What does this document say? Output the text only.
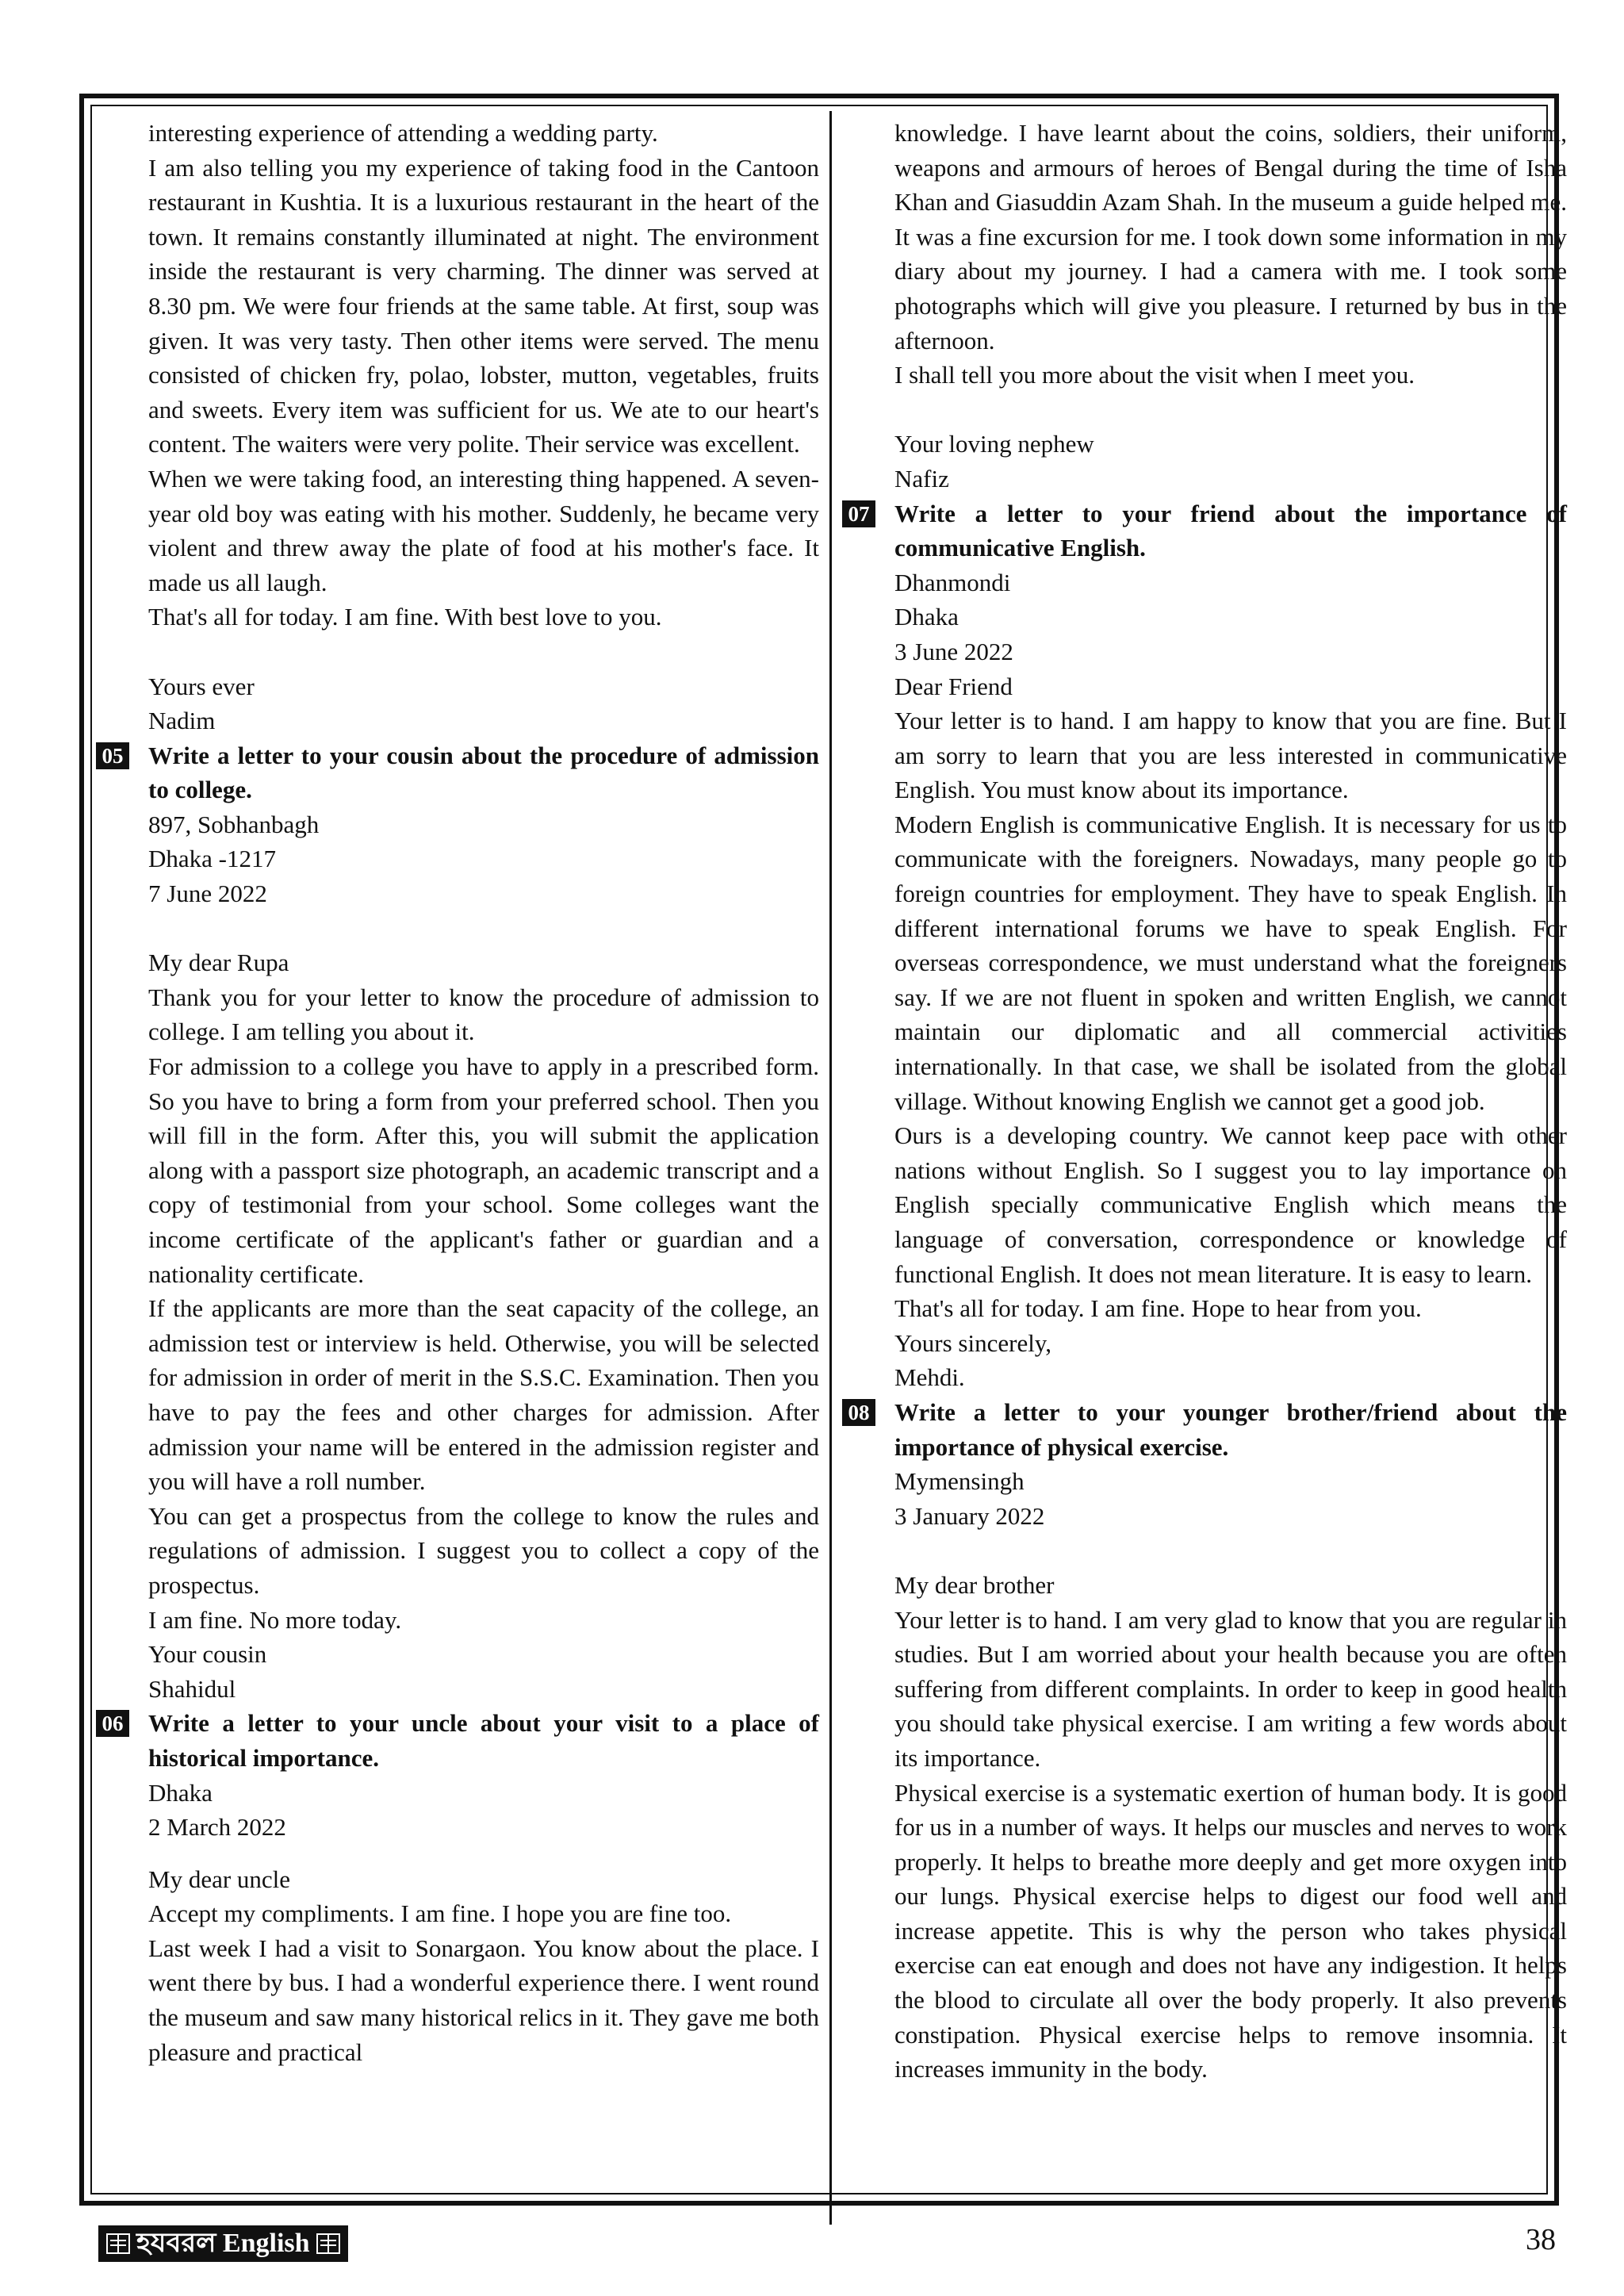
interesting experience of attending a wedding party.

I am also telling you my experience of taking food in the Cantoon restaurant in Kushtia. It is a luxurious restaurant in the heart of the town. It remains constantly illuminated at night. The environment inside the restaurant is very charming. The dinner was served at 8.30 pm. We were four friends at the same table. At first, soup was given. It was very tasty. Then other items were served. The menu consisted of chicken fry, polao, lobster, mutton, vegetables, fruits and sweets. Every item was sufficient for us. We ate to our heart's content. The waiters were very polite. Their service was excellent.

When we were taking food, an interesting thing happened. A seven-year old boy was eating with his mother. Suddenly, he became very violent and threw away the plate of food at his mother's face. It made us all laugh.

That's all for today. I am fine. With best love to you.

Yours ever

Nadim

05 Write a letter to your cousin about the procedure of admission to college.

897, Sobhanbagh

Dhaka -1217

7 June 2022

My dear Rupa

Thank you for your letter to know the procedure of admission to college. I am telling you about it.

For admission to a college you have to apply in a prescribed form. So you have to bring a form from your preferred school. Then you will fill in the form. After this, you will submit the application along with a passport size photograph, an academic transcript and a copy of testimonial from your school. Some colleges want the income certificate of the applicant's father or guardian and a nationality certificate.

If the applicants are more than the seat capacity of the college, an admission test or interview is held. Otherwise, you will be selected for admission in order of merit in the S.S.C. Examination. Then you have to pay the fees and other charges for admission. After admission your name will be entered in the admission register and you will have a roll number.

You can get a prospectus from the college to know the rules and regulations of admission. I suggest you to collect a copy of the prospectus.

I am fine. No more today.

Your cousin

Shahidul

06 Write a letter to your uncle about your visit to a place of historical importance.

Dhaka

2 March 2022

My dear uncle

Accept my compliments. I am fine. I hope you are fine too.

Last week I had a visit to Sonargaon. You know about the place. I went there by bus. I had a wonderful experience there. I went round the museum and saw many historical relics in it. They gave me both pleasure and practical

knowledge. I have learnt about the coins, soldiers, their uniform, weapons and armours of heroes of Bengal during the time of Isha Khan and Giasuddin Azam Shah. In the museum a guide helped me. It was a fine excursion for me. I took down some information in my diary about my journey. I had a camera with me. I took some photographs which will give you pleasure. I returned by bus in the afternoon.

I shall tell you more about the visit when I meet you.

Your loving nephew

Nafiz

07 Write a letter to your friend about the importance of communicative English.

Dhanmondi

Dhaka

3 June 2022

Dear Friend

Your letter is to hand. I am happy to know that you are fine. But I am sorry to learn that you are less interested in communicative English. You must know about its importance.

Modern English is communicative English. It is necessary for us to communicate with the foreigners. Nowadays, many people go to foreign countries for employment. They have to speak English. In different international forums we have to speak English. For overseas correspondence, we must understand what the foreigners say. If we are not fluent in spoken and written English, we cannot maintain our diplomatic and all commercial activities internationally. In that case, we shall be isolated from the global village. Without knowing English we cannot get a good job.

Ours is a developing country. We cannot keep pace with other nations without English. So I suggest you to lay importance on English specially communicative English which means the language of conversation, correspondence or knowledge of functional English. It does not mean literature. It is easy to learn.

That's all for today. I am fine. Hope to hear from you.

Yours sincerely,

Mehdi.

08 Write a letter to your younger brother/friend about the importance of physical exercise.

Mymensingh

3 January 2022

My dear brother

Your letter is to hand. I am very glad to know that you are regular in studies. But I am worried about your health because you are often suffering from different complaints. In order to keep in good health you should take physical exercise. I am writing a few words about its importance.

Physical exercise is a systematic exertion of human body. It is good for us in a number of ways. It helps our muscles and nerves to work properly. It helps to breathe more deeply and get more oxygen into our lungs. Physical exercise helps to digest our food well and increase appetite. This is why the person who takes physical exercise can eat enough and does not have any indigestion. It helps the blood to circulate all over the body properly. It also prevents constipation. Physical exercise helps to remove insomnia. It increases immunity in the body.

হযবরল English	38
